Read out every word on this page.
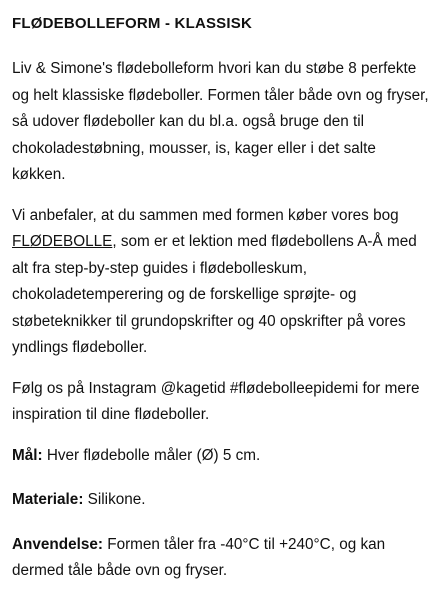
FLØDEBOLLEFORM - KLASSISK

Liv & Simone's flødebolleform hvori kan du støbe 8 perfekte og helt klassiske flødeboller. Formen tåler både ovn og fryser, så udover flødeboller kan du bl.a. også bruge den til chokoladestøbning, mousser, is, kager eller i det salte køkken.

Vi anbefaler, at du sammen med formen køber vores bog FLØDEBOLLE, som er et lektion med flødebollens A-Å med alt fra step-by-step guides i flødebolleskum, chokoladetemperering og de forskellige sprøjte- og støbeteknikker til grundopskrifter og 40 opskrifter på vores yndlings flødeboller.

Følg os på Instagram @kagetid #flødebolleepidemi for mere inspiration til dine flødeboller.

Mål: Hver flødebolle måler (Ø) 5 cm.

Materiale: Silikone.

Anvendelse: Formen tåler fra -40°C til +240°C, og kan dermed tåle både ovn og fryser.
